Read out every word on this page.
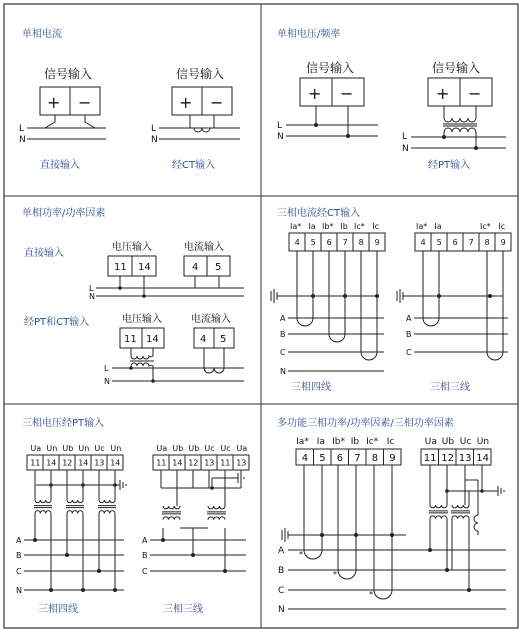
单相电流
信号输入
+ −
L
N
直接输入
信号输入
+ −
L
N
经CT输入
单相电压/频率
信号输入
+ −
L
N
信号输入
+ −
L
N
经PT输入
单相功率/功率因素
直接输入
经PT和CT输入
电压输入	电流输入
11 14	4 5
L
N
电压输入	电流输入
11 14	4 5
L
N
三相电流经CT输入
Ia* Ia Ib* Ib Ic* Ic
4 5 6 7 8 9	4 5 6 7 8 9
Ia* Ia	Ic* Ic
A
B
C
N
A
B
C
三相四线	三相三线
三相电压经PT输入
Ua Un Ub Un Uc Un
11 14 12 14 13 14
Ua Ub Ub Uc Uc Ua
11 14 12 13 11 13
A
B
C
N
A
B
C
三相四线	三相三线
多功能三相功率/功率因素/三相功率因素
Ia* Ia Ib* Ib Ic* Ic
4 5 6 7 8 9
Ua Ub Uc Un
11 12 13 14
A
B
C
N
*
*
*
